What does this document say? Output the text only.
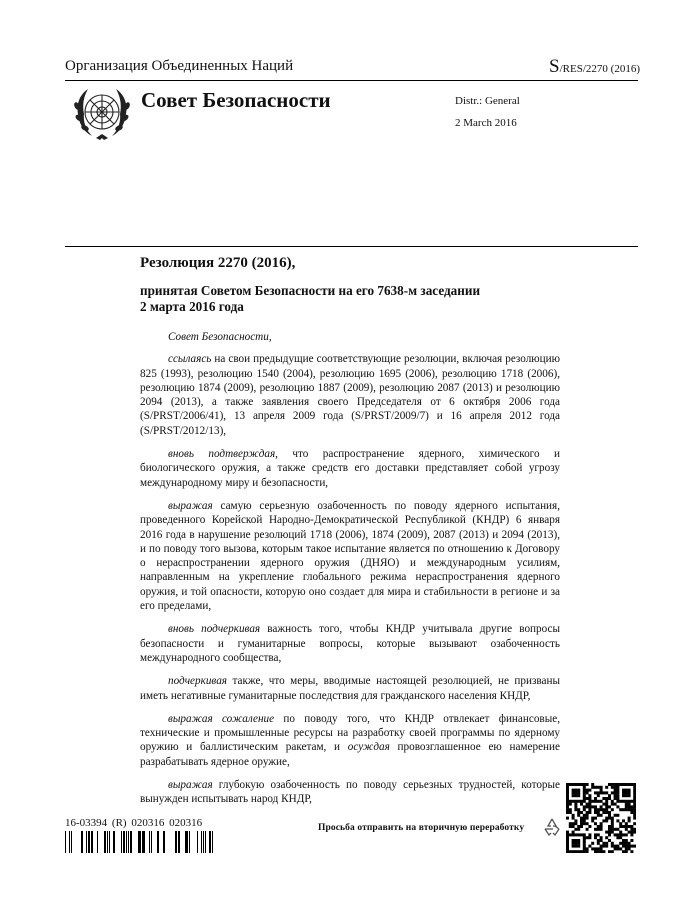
Организация Объединенных Наций	S/RES/2270 (2016)
Совет Безопасности	Distr.: General
2 March 2016
Резолюция 2270 (2016),
принятая Советом Безопасности на его 7638-м заседании
2 марта 2016 года

Совет Безопасности,

ссылаясь на свои предыдущие соответствующие резолюции, включая резолюцию 825 (1993), резолюцию 1540 (2004), резолюцию 1695 (2006), резолюцию 1718 (2006), резолюцию 1874 (2009), резолюцию 1887 (2009), резолюцию 2087 (2013) и резолюцию 2094 (2013), а также заявления своего Председателя от 6 октября 2006 года (S/PRST/2006/41), 13 апреля 2009 года (S/PRST/2009/7) и 16 апреля 2012 года (S/PRST/2012/13),

вновь подтверждая, что распространение ядерного, химического и биологического оружия, а также средств его доставки представляет собой угрозу международному миру и безопасности,

выражая самую серьезную озабоченность по поводу ядерного испытания, проведенного Корейской Народно-Демократической Республикой (КНДР) 6 января 2016 года в нарушение резолюций 1718 (2006), 1874 (2009), 2087 (2013) и 2094 (2013), и по поводу того вызова, которым такое испытание является по отношению к Договору о нераспространении ядерного оружия (ДНЯО) и международным усилиям, направленным на укрепление глобального режима нераспространения ядерного оружия, и той опасности, которую оно создает для мира и стабильности в регионе и за его пределами,

вновь подчеркивая важность того, чтобы КНДР учитывала другие вопросы безопасности и гуманитарные вопросы, которые вызывают озабоченность международного сообщества,

подчеркивая также, что меры, вводимые настоящей резолюцией, не призваны иметь негативные гуманитарные последствия для гражданского населения КНДР,

выражая сожаление по поводу того, что КНДР отвлекает финансовые, технические и промышленные ресурсы на разработку своей программы по ядерному оружию и баллистическим ракетам, и осуждая провозглашенное ею намерение разрабатывать ядерное оружие,

выражая глубокую озабоченность по поводу серьезных трудностей, которые вынужден испытывать народ КНДР,

16-03394 (R) 020316 020316	Просьба отправить на вторичную переработку
